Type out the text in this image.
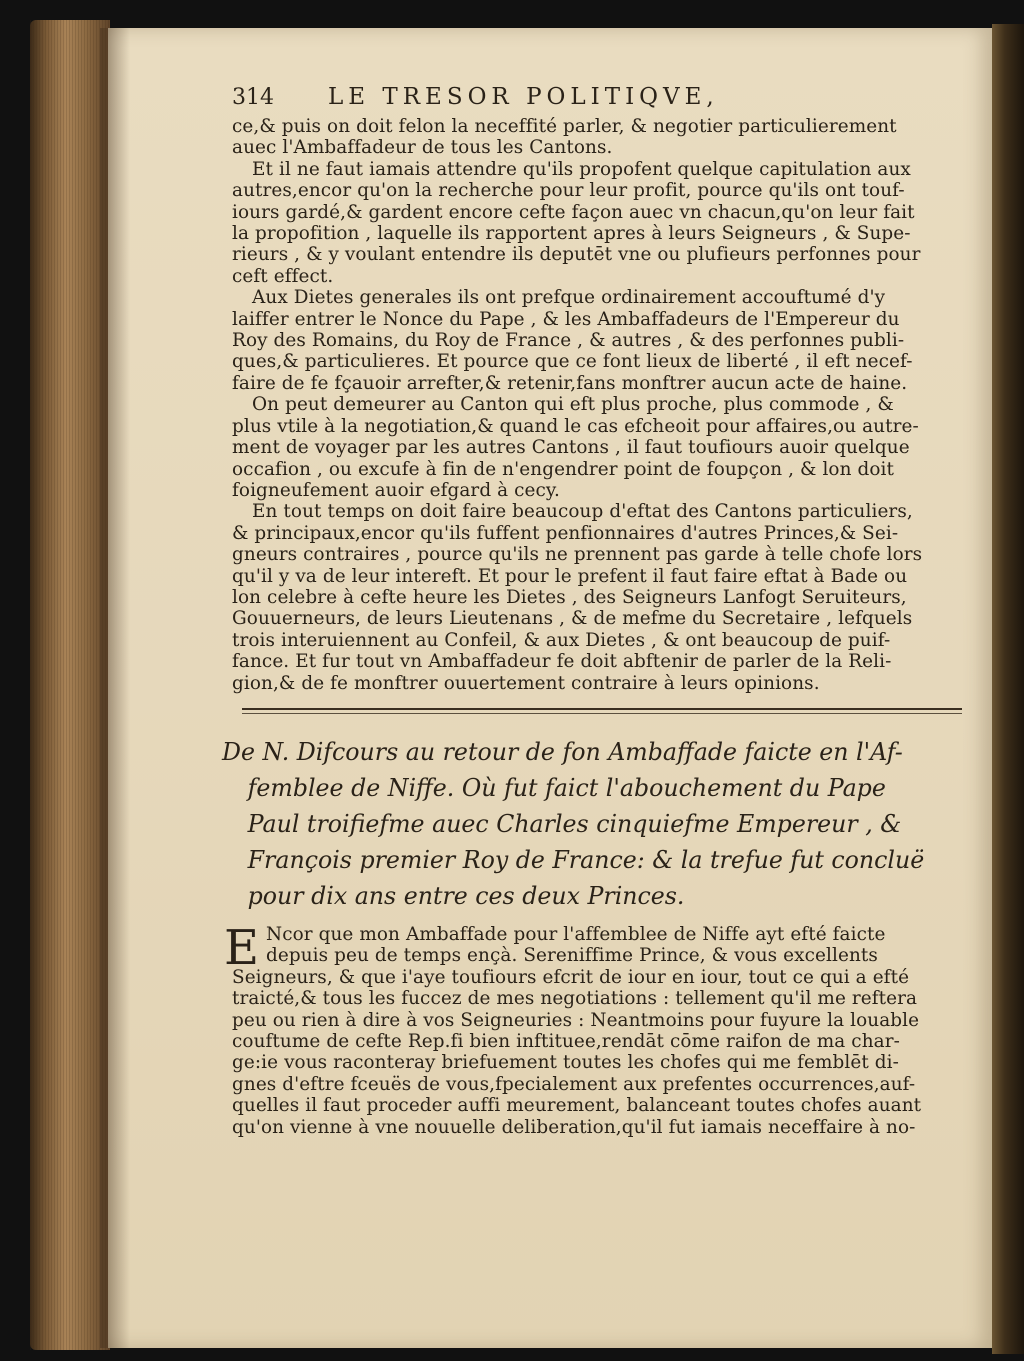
314	LE TRESOR POLITIQVE,
ce,& puis on doit felon la neceffité parler, & negotier particulierement
auec l'Ambaffadeur de tous les Cantons.
Et il ne faut iamais attendre qu'ils propofent quelque capitulation aux
autres,encor qu'on la recherche pour leur profit, pource qu'ils ont touf-
iours gardé,& gardent encore cefte façon auec vn chacun,qu'on leur fait
la propofition , laquelle ils rapportent apres à leurs Seigneurs , & Supe-
rieurs , & y voulant entendre ils deputēt vne ou plufieurs perfonnes pour
ceft effect.
Aux Dietes generales ils ont prefque ordinairement accouftumé d'y
laiffer entrer le Nonce du Pape , & les Ambaffadeurs de l'Empereur du
Roy des Romains, du Roy de France , & autres , & des perfonnes publi-
ques,& particulieres. Et pource que ce font lieux de liberté , il eft necef-
faire de fe fçauoir arrefter,& retenir,fans monftrer aucun acte de haine.
On peut demeurer au Canton qui eft plus proche, plus commode , &
plus vtile à la negotiation,& quand le cas efcheoit pour affaires,ou autre-
ment de voyager par les autres Cantons , il faut toufiours auoir quelque
occafion , ou excufe à fin de n'engendrer point de foupçon , & lon doit
foigneufement auoir efgard à cecy.
En tout temps on doit faire beaucoup d'eftat des Cantons particuliers,
& principaux,encor qu'ils fuffent penfionnaires d'autres Princes,& Sei-
gneurs contraires , pource qu'ils ne prennent pas garde à telle chofe lors
qu'il y va de leur intereft. Et pour le prefent il faut faire eftat à Bade ou
lon celebre à cefte heure les Dietes , des Seigneurs Lanfogt Seruiteurs,
Gouuerneurs, de leurs Lieutenans , & de mefme du Secretaire , lefquels
trois interuiennent au Confeil, & aux Dietes , & ont beaucoup de puif-
fance. Et fur tout vn Ambaffadeur fe doit abftenir de parler de la Reli-
gion,& de fe monftrer ouuertement contraire à leurs opinions.
De N. Difcours au retour de fon Ambaffade faicte en l'Af-
femblee de Niffe. Où fut faict l'abouchement du Pape
Paul troifiefme auec Charles cinquiefme Empereur , &
François premier Roy de France: & la trefue fut concluë
pour dix ans entre ces deux Princes.
E Ncor que mon Ambaffade pour l'affemblee de Niffe ayt efté faicte
depuis peu de temps ençà. Sereniffime Prince, & vous excellents
Seigneurs, & que i'aye toufiours efcrit de iour en iour, tout ce qui a efté
traicté,& tous les fuccez de mes negotiations : tellement qu'il me reftera
peu ou rien à dire à vos Seigneuries : Neantmoins pour fuyure la louable
couftume de cefte Rep.fi bien inftituee,rendāt cōme raifon de ma char-
ge:ie vous raconteray briefuement toutes les chofes qui me femblēt di-
gnes d'eftre fceuës de vous,fpecialement aux prefentes occurrences,auf-
quelles il faut proceder auffi meurement, balanceant toutes chofes auant
qu'on vienne à vne nouuelle deliberation,qu'il fut iamais neceffaire à no-
